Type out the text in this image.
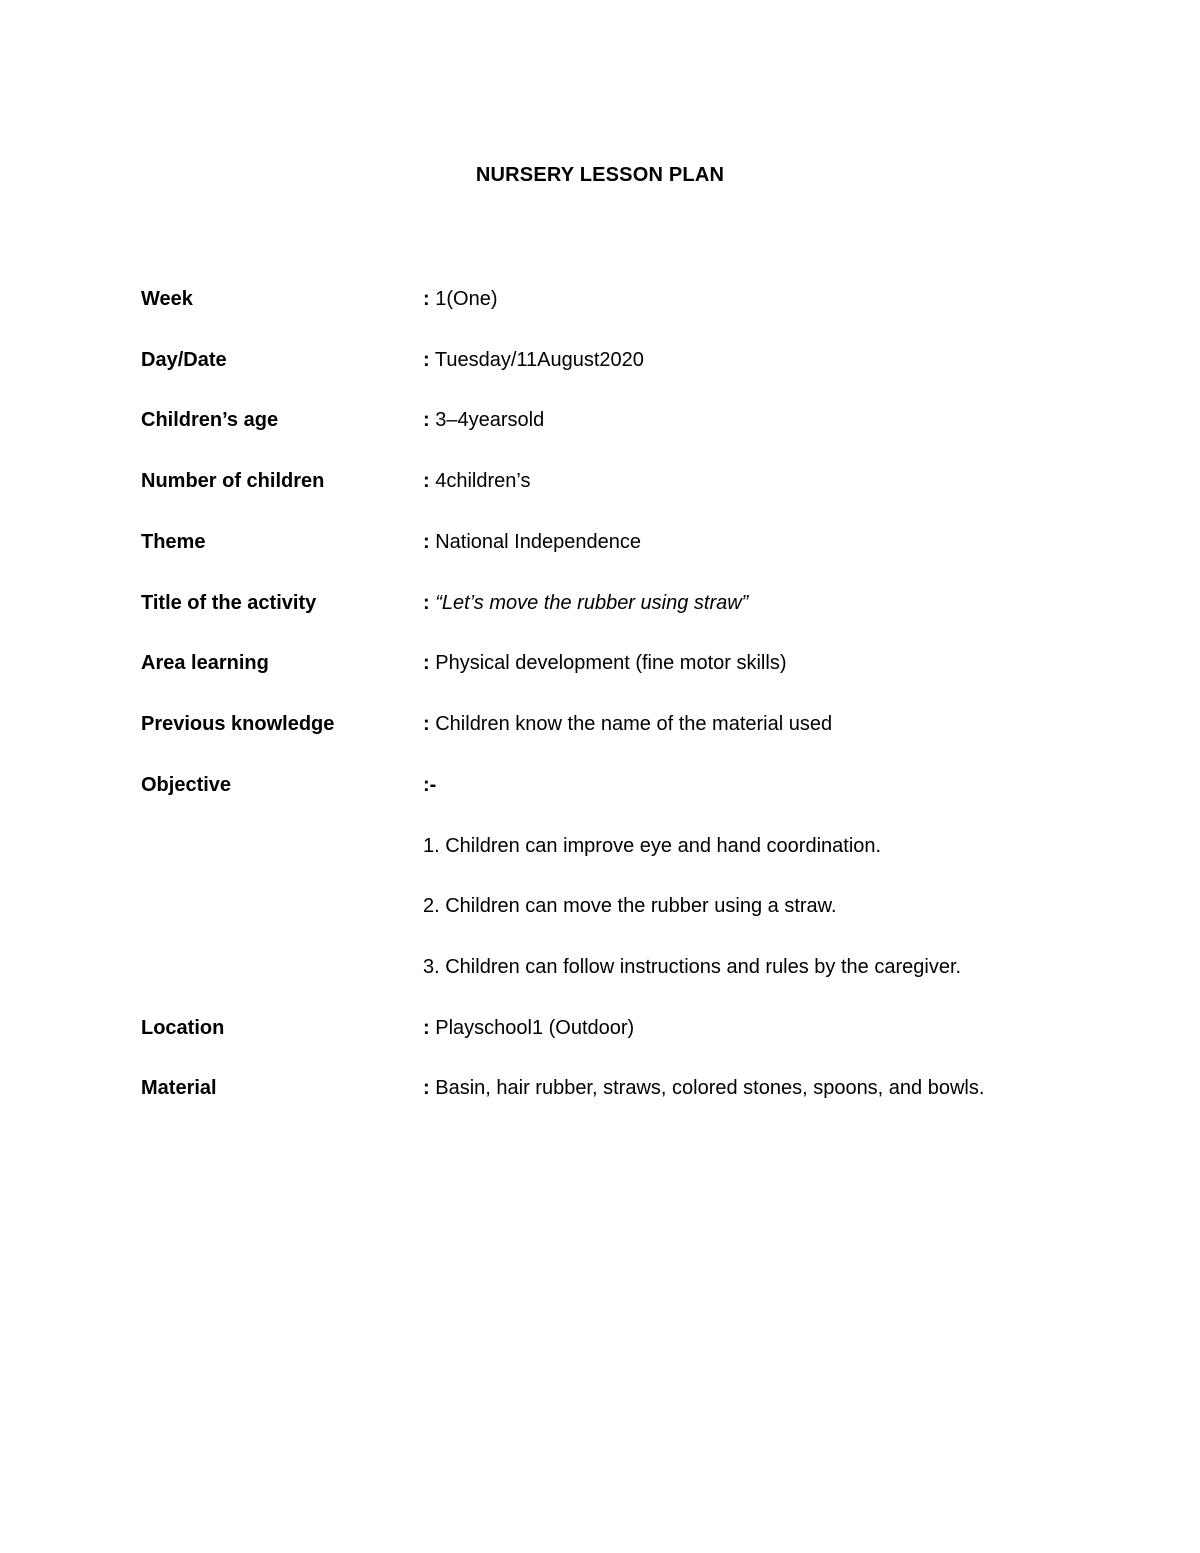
NURSERY LESSON PLAN
Week	: 1(One)
Day/Date	: Tuesday/11August2020
Children’s age	: 3–4yearsold
Number of children	: 4children’s
Theme	: National Independence
Title of the activity	: “Let’s move the rubber using straw”
Area learning	: Physical development (fine motor skills)
Previous knowledge	: Children know the name of the material used
Objective	:-
1. Children can improve eye and hand coordination.
2. Children can move the rubber using a straw.
3. Children can follow instructions and rules by the caregiver.
Location	: Playschool1 (Outdoor)
Material	: Basin, hair rubber, straws, colored stones, spoons, and bowls.
